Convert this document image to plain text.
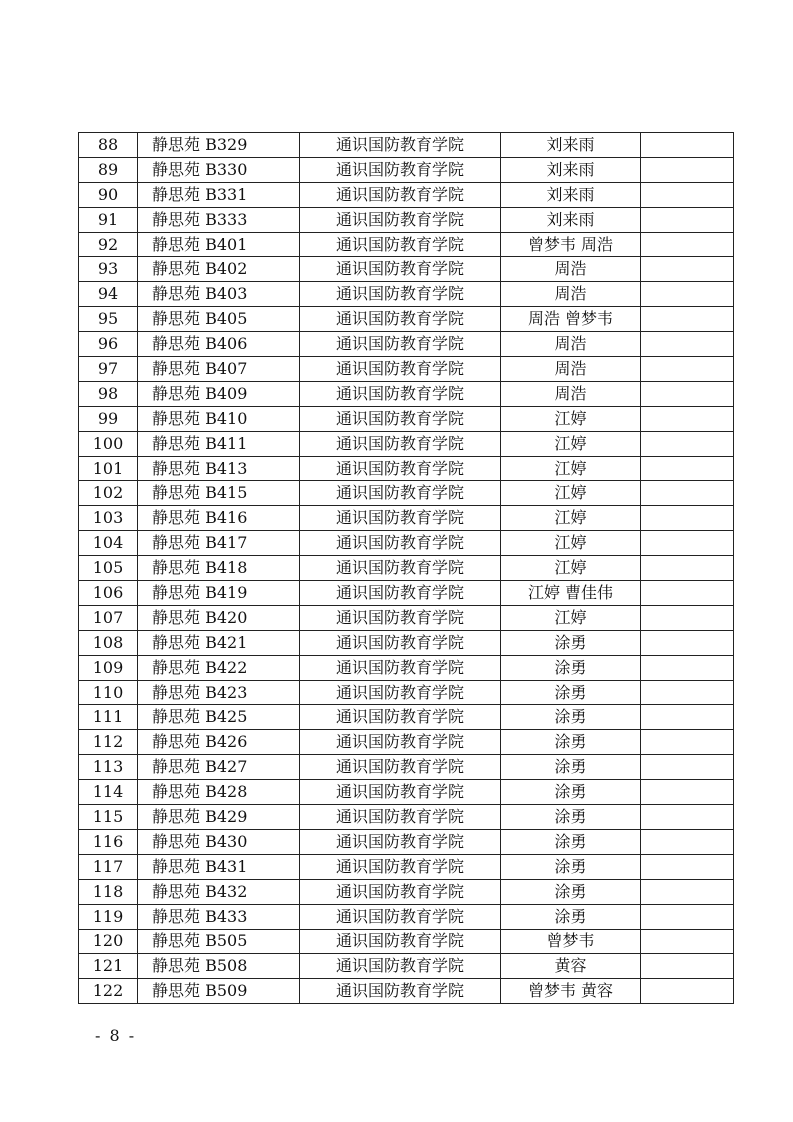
88	静思苑 B329	通识国防教育学院	刘来雨	
89	静思苑 B330	通识国防教育学院	刘来雨	
90	静思苑 B331	通识国防教育学院	刘来雨	
91	静思苑 B333	通识国防教育学院	刘来雨	
92	静思苑 B401	通识国防教育学院	曾梦韦 周浩	
93	静思苑 B402	通识国防教育学院	周浩	
94	静思苑 B403	通识国防教育学院	周浩	
95	静思苑 B405	通识国防教育学院	周浩 曾梦韦	
96	静思苑 B406	通识国防教育学院	周浩	
97	静思苑 B407	通识国防教育学院	周浩	
98	静思苑 B409	通识国防教育学院	周浩	
99	静思苑 B410	通识国防教育学院	江婷	
100	静思苑 B411	通识国防教育学院	江婷	
101	静思苑 B413	通识国防教育学院	江婷	
102	静思苑 B415	通识国防教育学院	江婷	
103	静思苑 B416	通识国防教育学院	江婷	
104	静思苑 B417	通识国防教育学院	江婷	
105	静思苑 B418	通识国防教育学院	江婷	
106	静思苑 B419	通识国防教育学院	江婷 曹佳伟	
107	静思苑 B420	通识国防教育学院	江婷	
108	静思苑 B421	通识国防教育学院	涂勇	
109	静思苑 B422	通识国防教育学院	涂勇	
110	静思苑 B423	通识国防教育学院	涂勇	
111	静思苑 B425	通识国防教育学院	涂勇	
112	静思苑 B426	通识国防教育学院	涂勇	
113	静思苑 B427	通识国防教育学院	涂勇	
114	静思苑 B428	通识国防教育学院	涂勇	
115	静思苑 B429	通识国防教育学院	涂勇	
116	静思苑 B430	通识国防教育学院	涂勇	
117	静思苑 B431	通识国防教育学院	涂勇	
118	静思苑 B432	通识国防教育学院	涂勇	
119	静思苑 B433	通识国防教育学院	涂勇	
120	静思苑 B505	通识国防教育学院	曾梦韦	
121	静思苑 B508	通识国防教育学院	黄容	
122	静思苑 B509	通识国防教育学院	曾梦韦 黄容	
- 8 -
